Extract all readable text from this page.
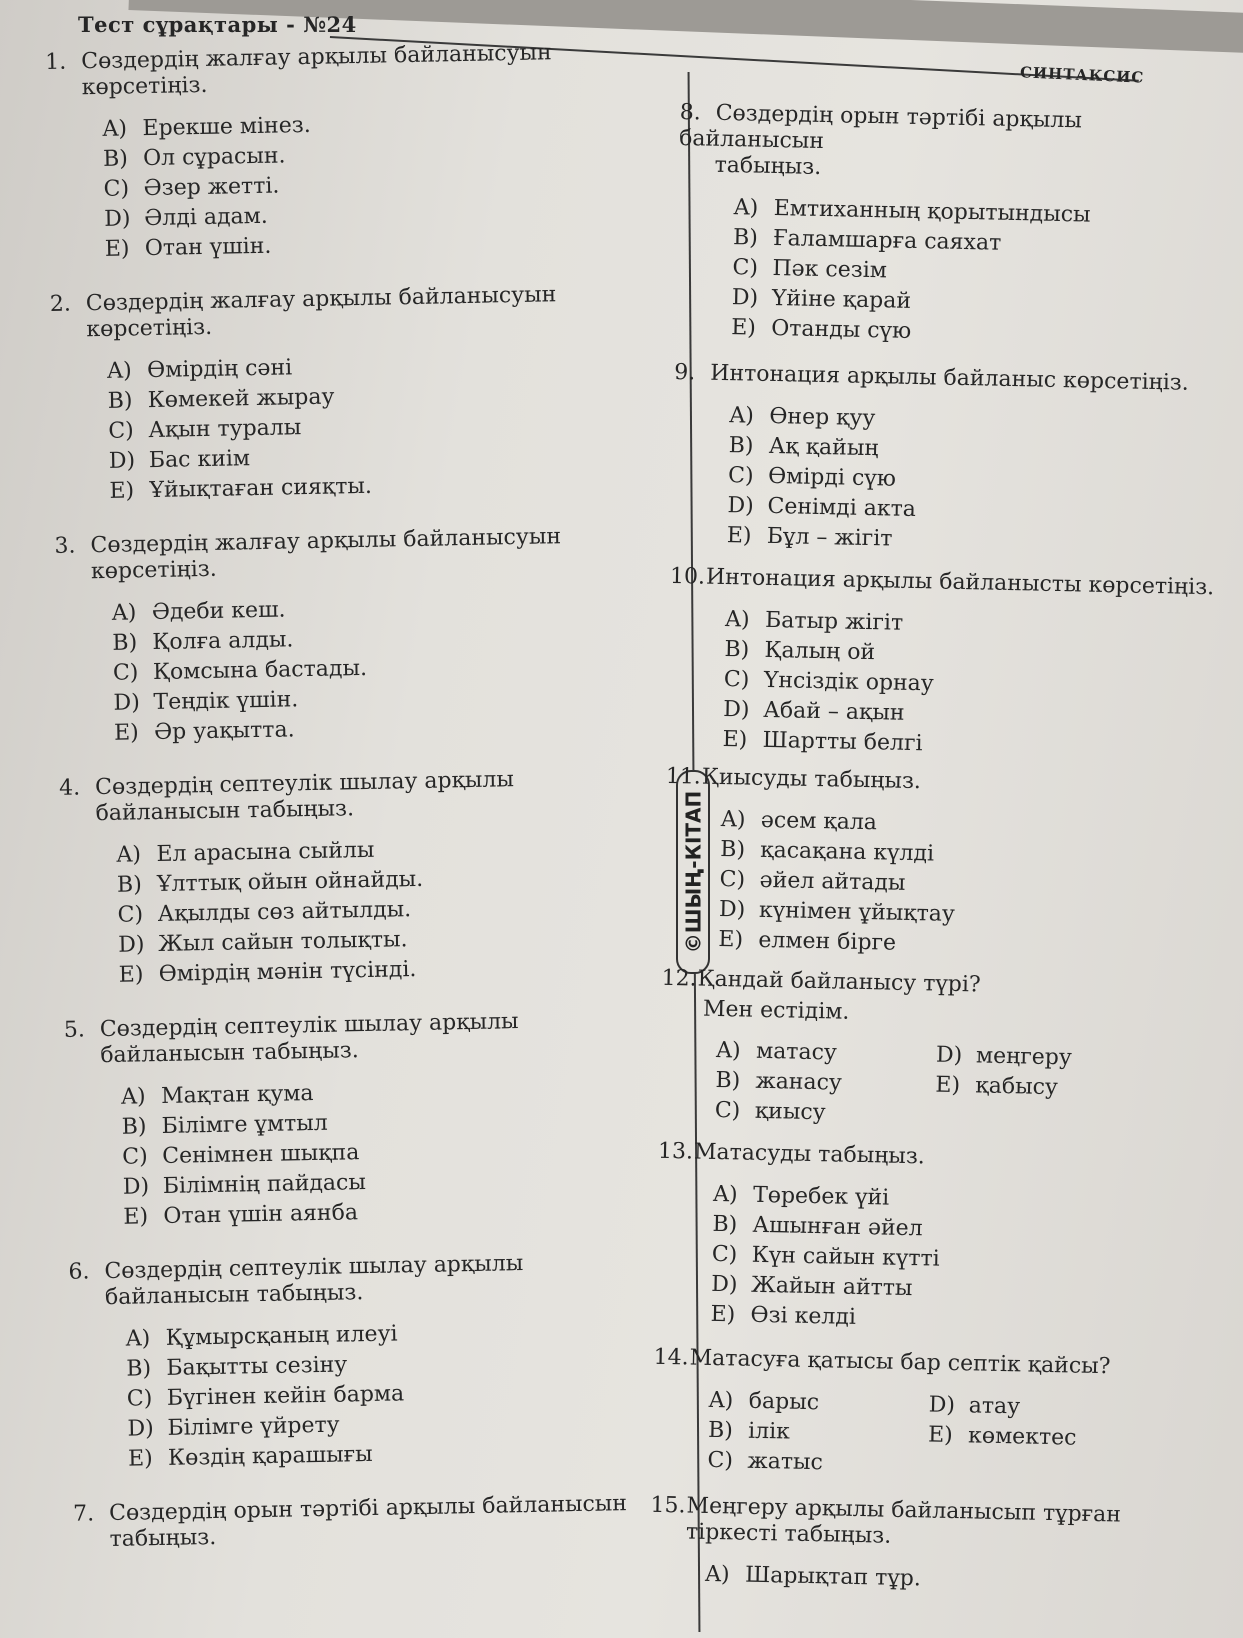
Тест сұрақтары - №24
СИНТАКСИС
©ШЫҢ-КІТАП
1. Сөздердің жалғау арқылы байланысуын
көрсетіңіз.
A) Ерекше мінез.
B) Ол сұрасын.
C) Әзер жетті.
D) Әлді адам.
E) Отан үшін.
2. Сөздердің жалғау арқылы байланысуын
көрсетіңіз.
A) Өмірдің сәні
B) Көмекей жырау
C) Ақын туралы
D) Бас киім
E) Ұйықтаған сияқты.
3. Сөздердің жалғау арқылы байланысуын
көрсетіңіз.
A) Әдеби кеш.
B) Қолға алды.
C) Қомсына бастады.
D) Теңдік үшін.
E) Әр уақытта.
4. Сөздердің септеулік шылау арқылы
байланысын табыңыз.
A) Ел арасына сыйлы
B) Ұлттық ойын ойнайды.
C) Ақылды сөз айтылды.
D) Жыл сайын толықты.
E) Өмірдің мәнін түсінді.
5. Сөздердің септеулік шылау арқылы
байланысын табыңыз.
A) Мақтан қума
B) Білімге ұмтыл
C) Сенімнен шықпа
D) Білімнің пайдасы
E) Отан үшін аянба
6. Сөздердің септеулік шылау арқылы
байланысын табыңыз.
A) Құмырсқаның илеуі
B) Бақытты сезіну
C) Бүгінен кейін барма
D) Білімге үйрету
E) Көздің қарашығы
7. Сөздердің орын тәртібі арқылы байланысын
табыңыз.
8. Сөздердің орын тәртібі арқылы байланысын
табыңыз.
A) Емтиханның қорытындысы
B) Ғаламшарға саяхат
C) Пәк сезім
D) Үйіне қарай
E) Отанды сүю
9. Интонация арқылы байланыс көрсетіңіз.
A) Өнер қуу
B) Ақ қайың
C) Өмірді сүю
D) Сенімді акта
E) Бұл – жігіт
10.Интонация арқылы байланысты көрсетіңіз.
A) Батыр жігіт
B) Қалың ой
C) Үнсіздік орнау
D) Абай – ақын
E) Шартты белгі
11.Қиысуды табыңыз.
A) әсем қала
B) қасақана күлді
C) әйел айтады
D) күнімен ұйықтау
E) елмен бірге
12.Қандай байланысу түрі?
Мен естідім.
A) матасу	D) меңгеру
B) жанасу	E) қабысу
C) қиысу
13.Матасуды табыңыз.
A) Төребек үйі
B) Ашынған әйел
C) Күн сайын күтті
D) Жайын айтты
E) Өзі келді
14.Матасуға қатысы бар септік қайсы?
A) барыс	D) атау
B) ілік	E) көмектес
C) жатыс
15.Меңгеру арқылы байланысып тұрған
тіркесті табыңыз.
A) Шарықтап тұр.
